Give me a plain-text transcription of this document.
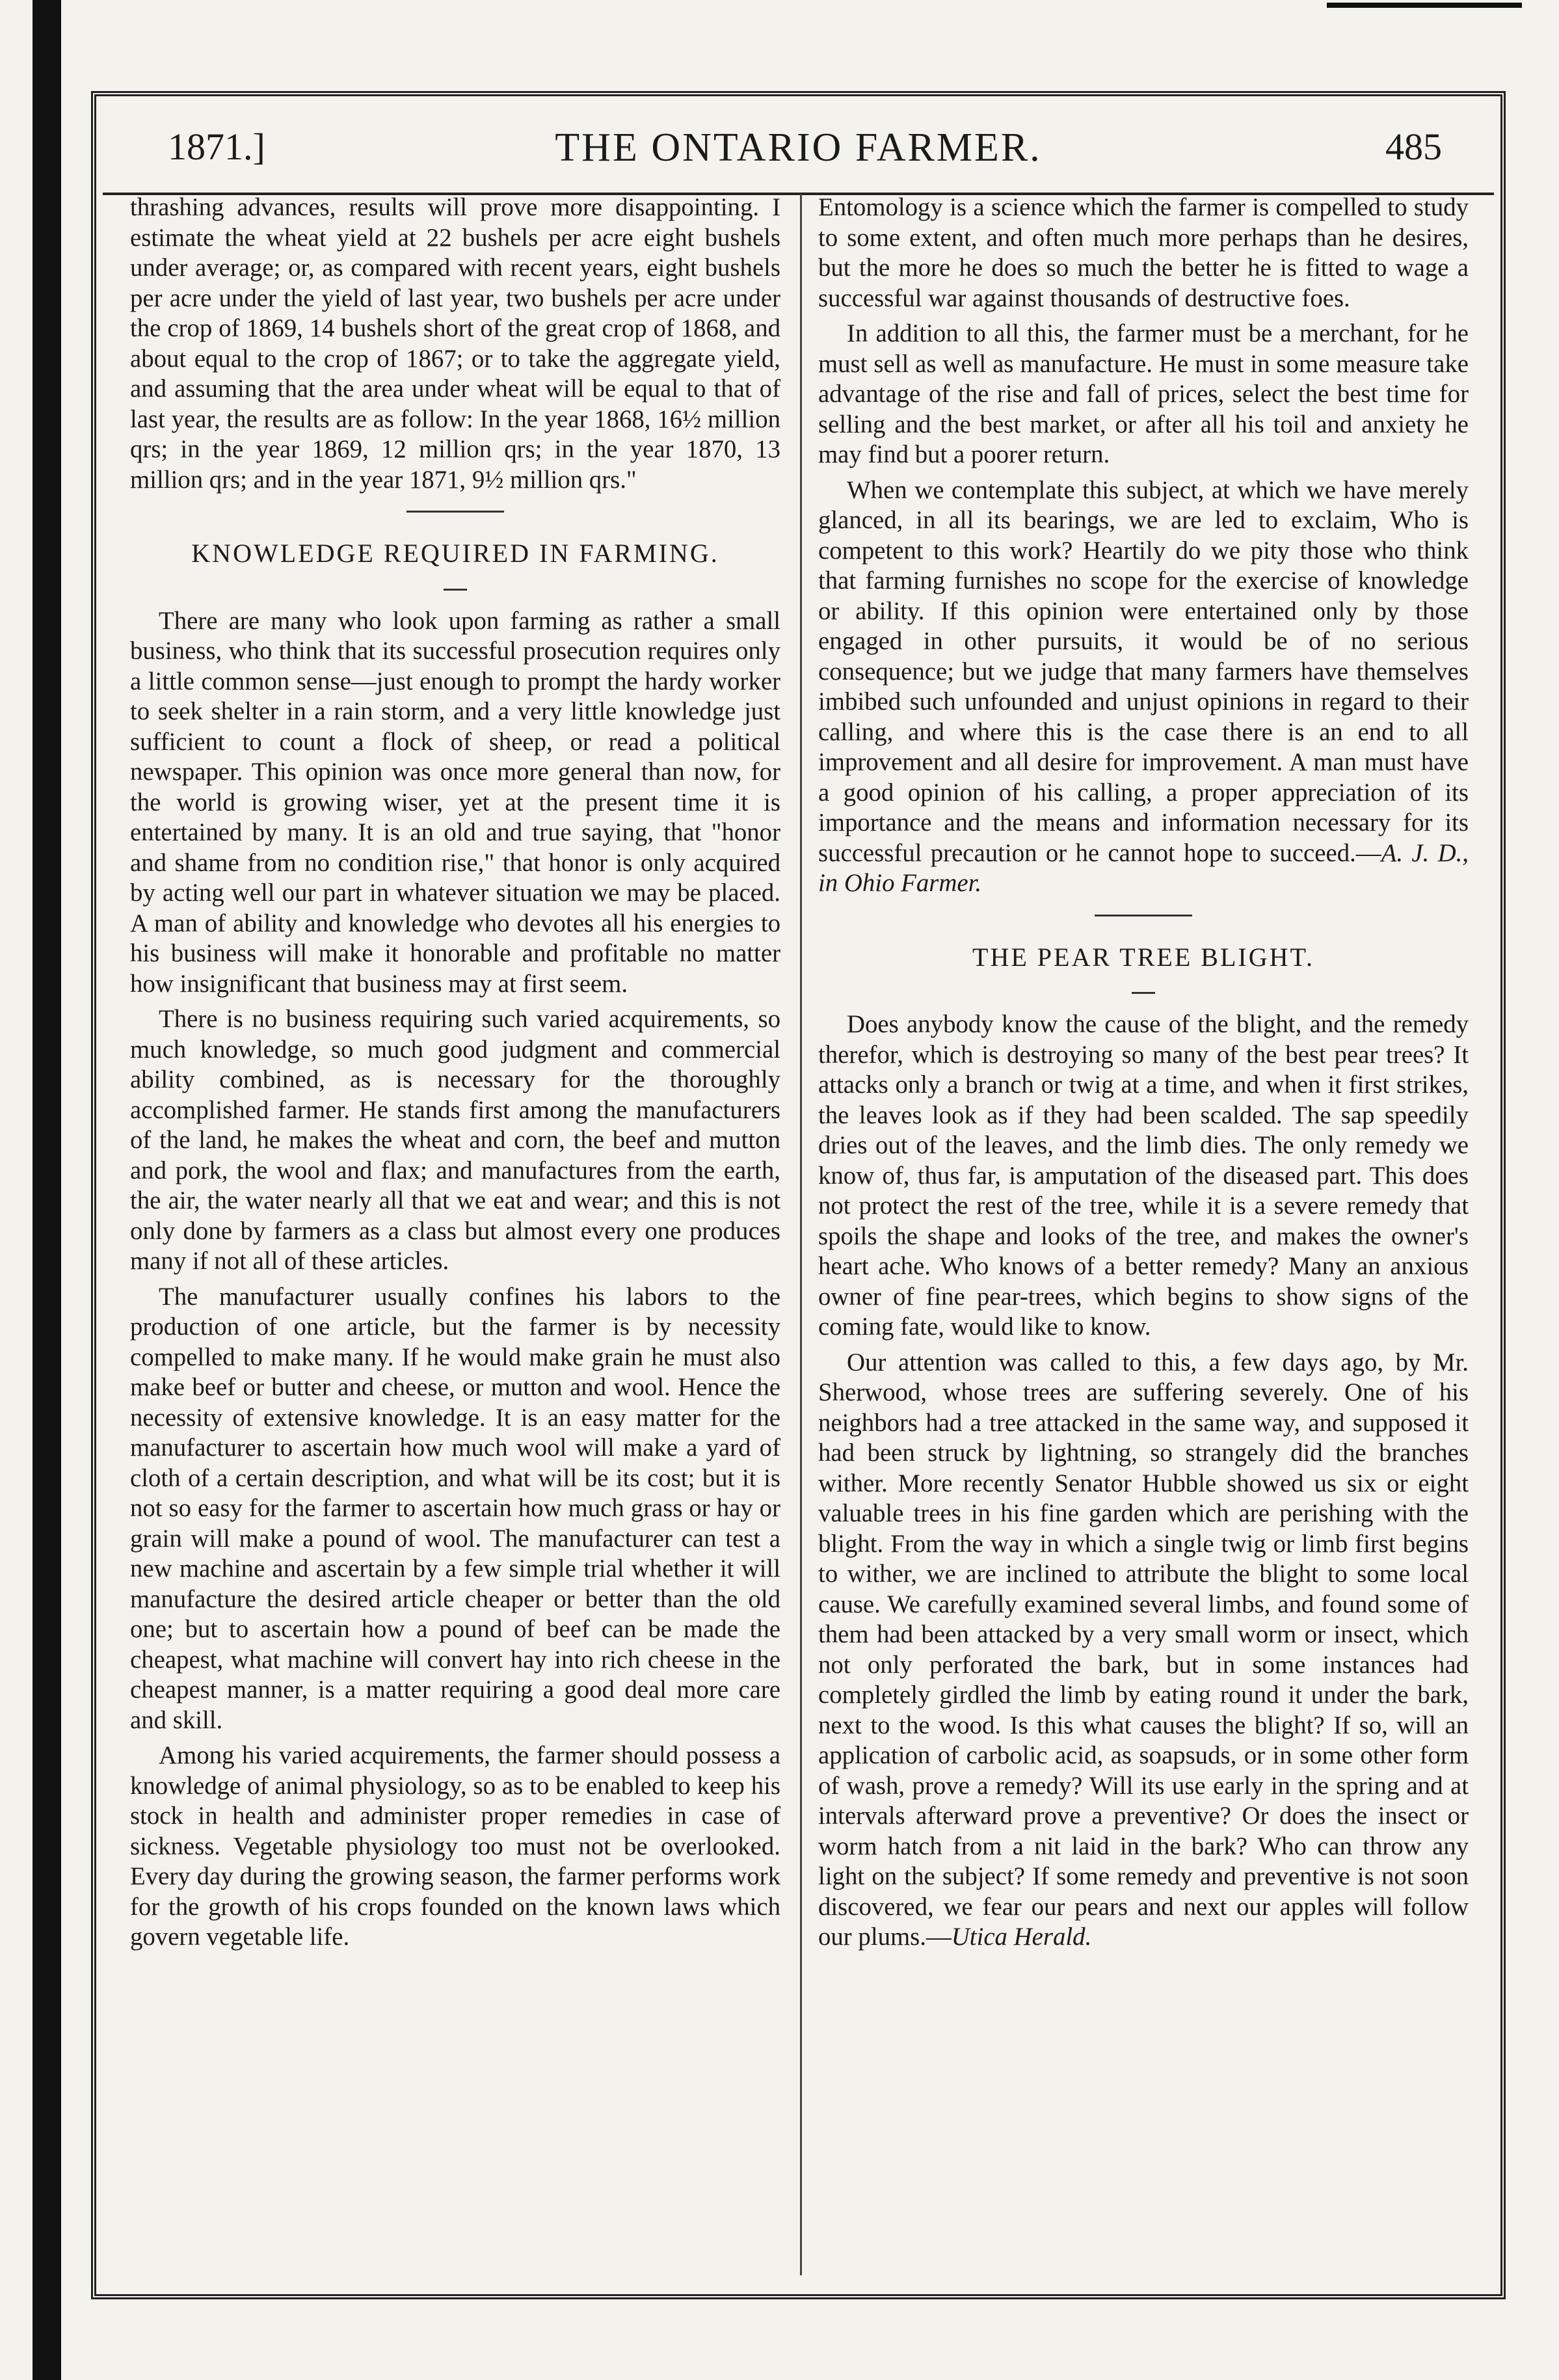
1871.]	THE ONTARIO FARMER.	485

thrashing advances, results will prove more disappointing. I estimate the wheat yield at 22 bushels per acre eight bushels under average; or, as compared with recent years, eight bushels per acre under the yield of last year, two bushels per acre under the crop of 1869, 14 bushels short of the great crop of 1868, and about equal to the crop of 1867; or to take the aggregate yield, and assuming that the area under wheat will be equal to that of last year, the results are as follow: In the year 1868, 16½ million qrs; in the year 1869, 12 million qrs; in the year 1870, 13 million qrs; and in the year 1871, 9½ million qrs."

KNOWLEDGE REQUIRED IN FARMING.

There are many who look upon farming as rather a small business, who think that its successful prosecution requires only a little common sense—just enough to prompt the hardy worker to seek shelter in a rain storm, and a very little knowledge just sufficient to count a flock of sheep, or read a political newspaper. This opinion was once more general than now, for the world is growing wiser, yet at the present time it is entertained by many. It is an old and true saying, that "honor and shame from no condition rise," that honor is only acquired by acting well our part in whatever situation we may be placed. A man of ability and knowledge who devotes all his energies to his business will make it honorable and profitable no matter how insignificant that business may at first seem.

There is no business requiring such varied acquirements, so much knowledge, so much good judgment and commercial ability combined, as is necessary for the thoroughly accomplished farmer. He stands first among the manufacturers of the land, he makes the wheat and corn, the beef and mutton and pork, the wool and flax; and manufactures from the earth, the air, the water nearly all that we eat and wear; and this is not only done by farmers as a class but almost every one produces many if not all of these articles.

The manufacturer usually confines his labors to the production of one article, but the farmer is by necessity compelled to make many. If he would make grain he must also make beef or butter and cheese, or mutton and wool. Hence the necessity of extensive knowledge. It is an easy matter for the manufacturer to ascertain how much wool will make a yard of cloth of a certain description, and what will be its cost; but it is not so easy for the farmer to ascertain how much grass or hay or grain will make a pound of wool. The manufacturer can test a new machine and ascertain by a few simple trial whether it will manufacture the desired article cheaper or better than the old one; but to ascertain how a pound of beef can be made the cheapest, what machine will convert hay into rich cheese in the cheapest manner, is a matter requiring a good deal more care and skill.

Among his varied acquirements, the farmer should possess a knowledge of animal physiology, so as to be enabled to keep his stock in health and administer proper remedies in case of sickness. Vegetable physiology too must not be overlooked. Every day during the growing season, the farmer performs work for the growth of his crops founded on the known laws which govern vegetable life.

Entomology is a science which the farmer is compelled to study to some extent, and often much more perhaps than he desires, but the more he does so much the better he is fitted to wage a successful war against thousands of destructive foes.

In addition to all this, the farmer must be a merchant, for he must sell as well as manufacture. He must in some measure take advantage of the rise and fall of prices, select the best time for selling and the best market, or after all his toil and anxiety he may find but a poorer return.

When we contemplate this subject, at which we have merely glanced, in all its bearings, we are led to exclaim, Who is competent to this work? Heartily do we pity those who think that farming furnishes no scope for the exercise of knowledge or ability. If this opinion were entertained only by those engaged in other pursuits, it would be of no serious consequence; but we judge that many farmers have themselves imbibed such unfounded and unjust opinions in regard to their calling, and where this is the case there is an end to all improvement and all desire for improvement. A man must have a good opinion of his calling, a proper appreciation of its importance and the means and information necessary for its successful precaution or he cannot hope to succeed.—A. J. D., in Ohio Farmer.

THE PEAR TREE BLIGHT.

Does anybody know the cause of the blight, and the remedy therefor, which is destroying so many of the best pear trees? It attacks only a branch or twig at a time, and when it first strikes, the leaves look as if they had been scalded. The sap speedily dries out of the leaves, and the limb dies. The only remedy we know of, thus far, is amputation of the diseased part. This does not protect the rest of the tree, while it is a severe remedy that spoils the shape and looks of the tree, and makes the owner's heart ache. Who knows of a better remedy? Many an anxious owner of fine pear-trees, which begins to show signs of the coming fate, would like to know.

Our attention was called to this, a few days ago, by Mr. Sherwood, whose trees are suffering severely. One of his neighbors had a tree attacked in the same way, and supposed it had been struck by lightning, so strangely did the branches wither. More recently Senator Hubble showed us six or eight valuable trees in his fine garden which are perishing with the blight. From the way in which a single twig or limb first begins to wither, we are inclined to attribute the blight to some local cause. We carefully examined several limbs, and found some of them had been attacked by a very small worm or insect, which not only perforated the bark, but in some instances had completely girdled the limb by eating round it under the bark, next to the wood. Is this what causes the blight? If so, will an application of carbolic acid, as soapsuds, or in some other form of wash, prove a remedy? Will its use early in the spring and at intervals afterward prove a preventive? Or does the insect or worm hatch from a nit laid in the bark? Who can throw any light on the subject? If some remedy and preventive is not soon discovered, we fear our pears and next our apples will follow our plums.—Utica Herald.
